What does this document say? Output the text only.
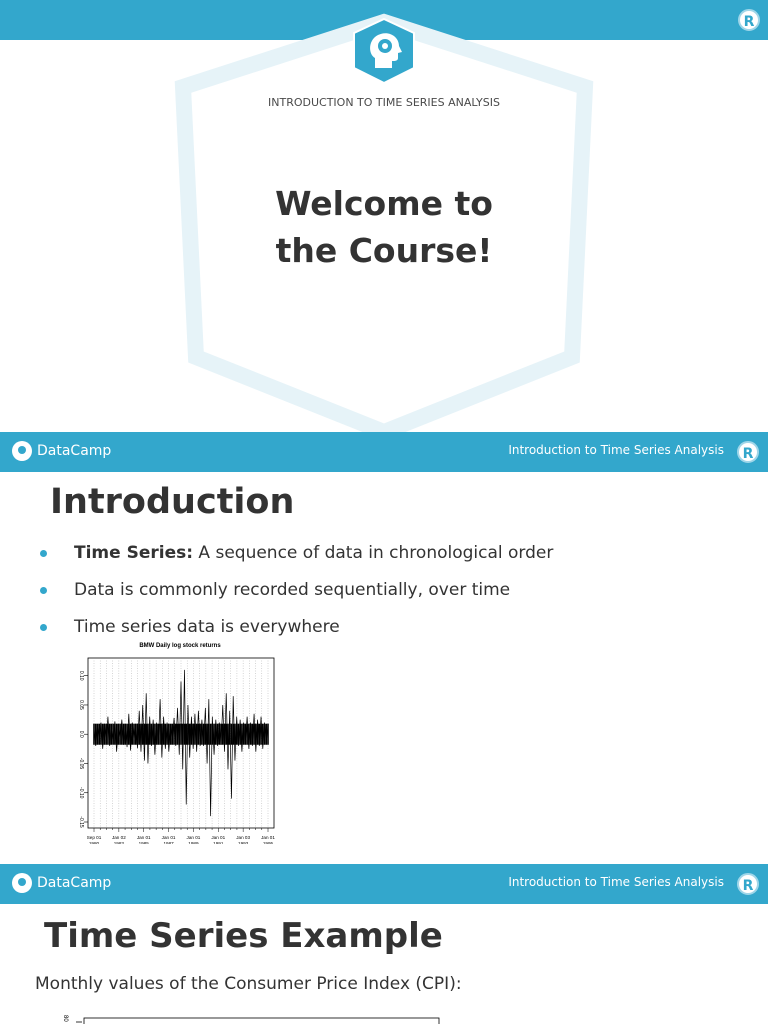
R
INTRODUCTION TO TIME SERIES ANALYSIS
Welcome to
the Course!
DataCamp	Introduction to Time Series Analysis	R
Introduction
Time Series: A sequence of data in chronological order
Data is commonly recorded sequentially, over time
Time series data is everywhere
BMW Daily log stock returns
0.10
0.05
0.0
-0.05
-0.10
-0.15
Sep 01
1980
Jan 02
1983
Jan 01
1985
Jan 01
1987
Jan 01
1989
Jan 01
1991
Jan 03
1993
Jan 01
1995
DataCamp	Introduction to Time Series Analysis	R
Time Series Example
Monthly values of the Consumer Price Index (CPI):
80
